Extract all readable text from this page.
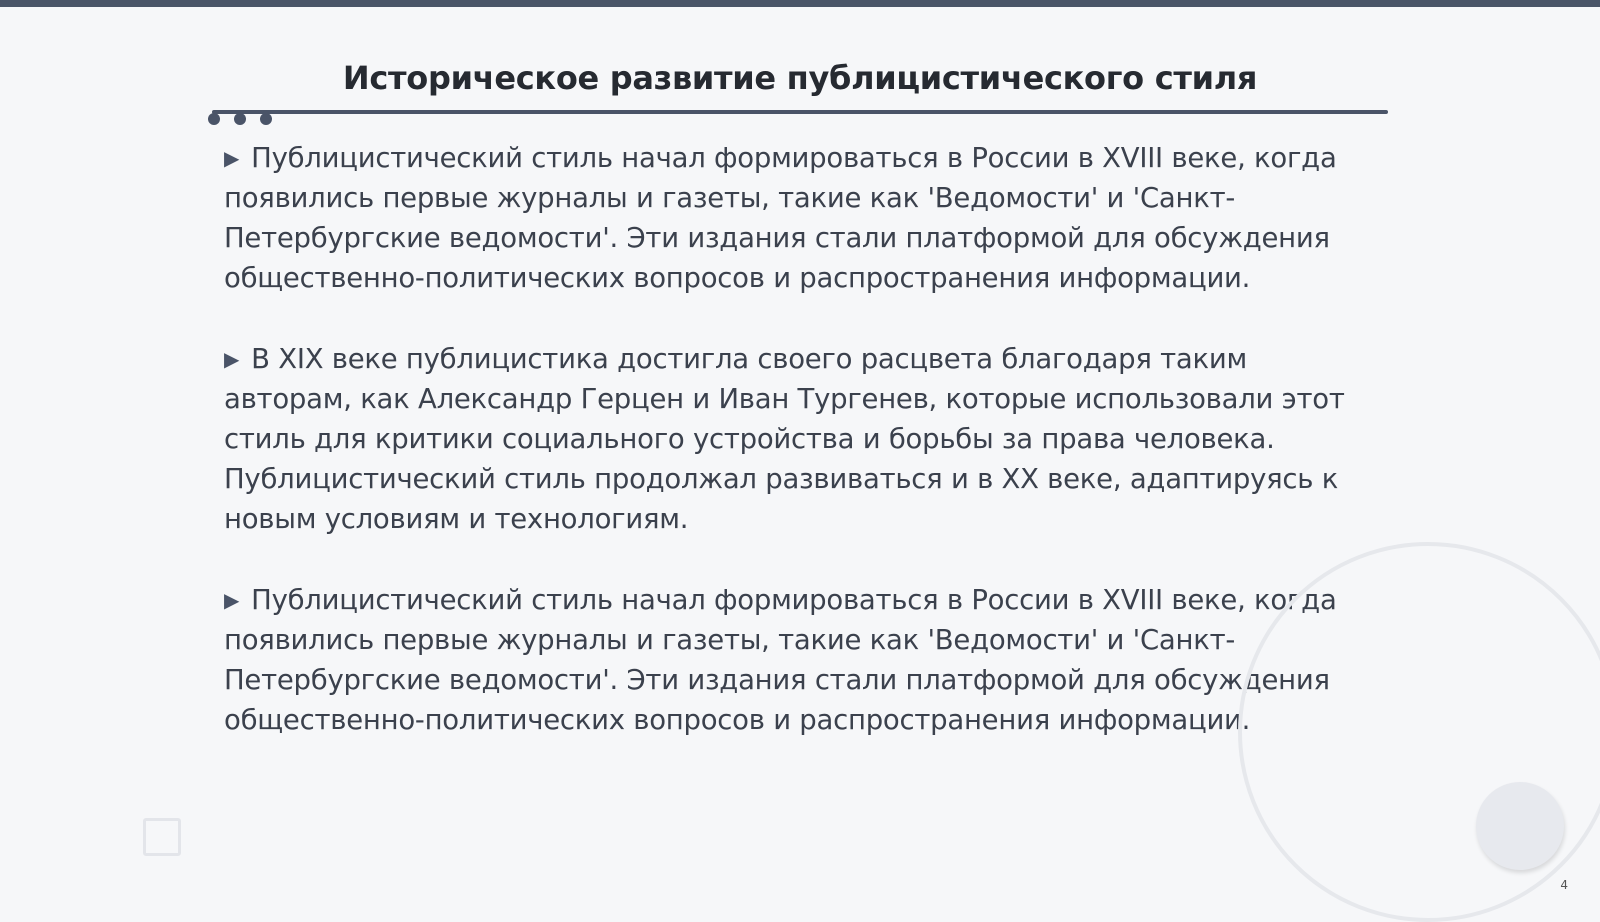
Историческое развитие публицистического стиля

▶ Публицистический стиль начал формироваться в России в XVIII веке, когда появились первые журналы и газеты, такие как 'Ведомости' и 'Санкт-Петербургские ведомости'. Эти издания стали платформой для обсуждения общественно-политических вопросов и распространения информации.

▶ В XIX веке публицистика достигла своего расцвета благодаря таким авторам, как Александр Герцен и Иван Тургенев, которые использовали этот стиль для критики социального устройства и борьбы за права человека. Публицистический стиль продолжал развиваться и в XX веке, адаптируясь к новым условиям и технологиям.

▶ Публицистический стиль начал формироваться в России в XVIII веке, когда появились первые журналы и газеты, такие как 'Ведомости' и 'Санкт-Петербургские ведомости'. Эти издания стали платформой для обсуждения общественно-политических вопросов и распространения информации.

4
